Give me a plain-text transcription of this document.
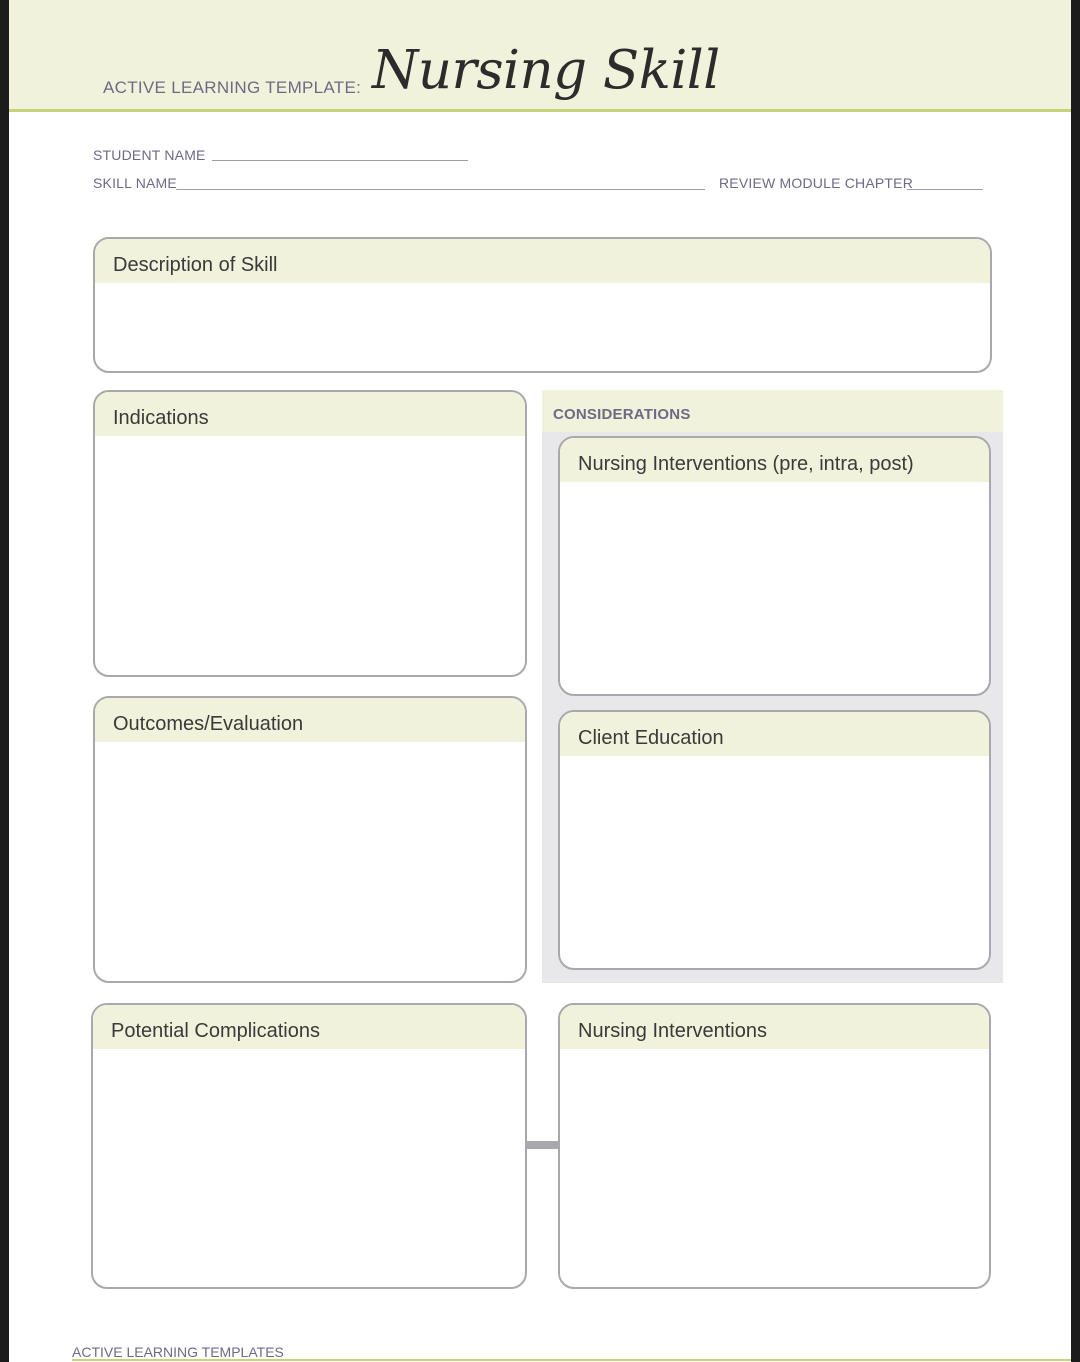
ACTIVE LEARNING TEMPLATE: Nursing Skill
STUDENT NAME
SKILL NAME	REVIEW MODULE CHAPTER
Description of Skill
Indications
Outcomes/Evaluation
CONSIDERATIONS
Nursing Interventions (pre, intra, post)
Client Education
Potential Complications	Nursing Interventions
ACTIVE LEARNING TEMPLATES
